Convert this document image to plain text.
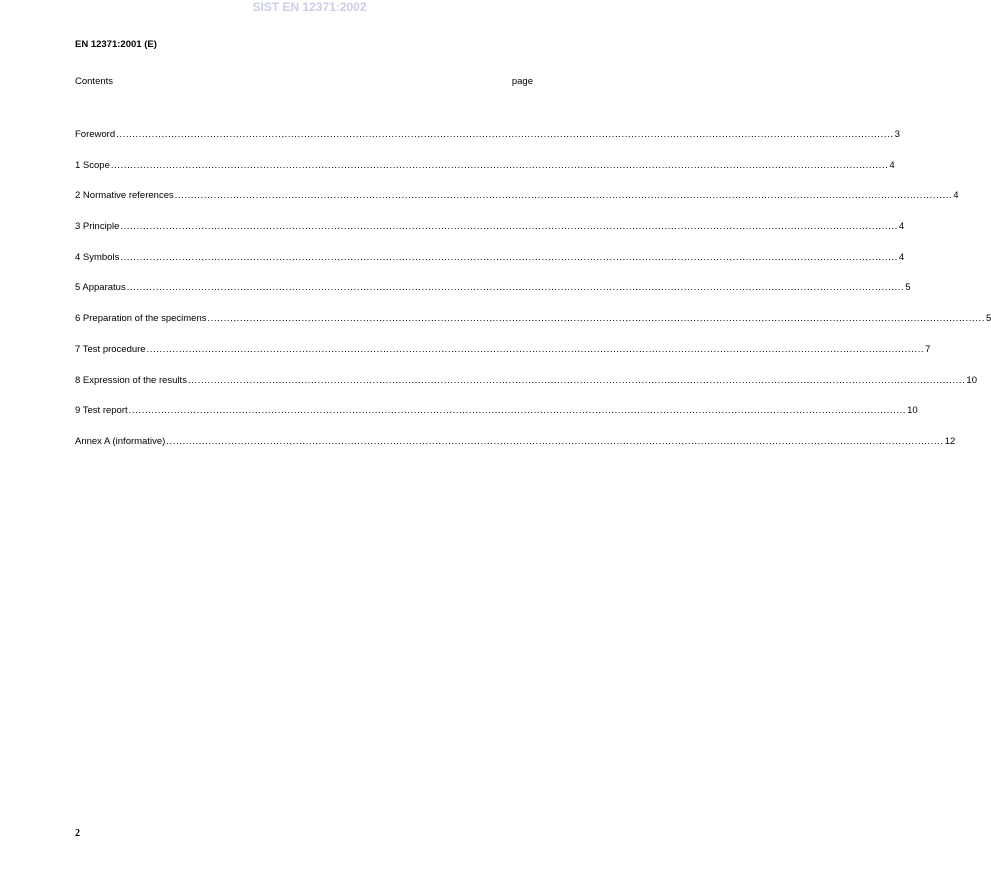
SIST EN 12371:2002
EN 12371:2001 (E)
Contents	page
Foreword ................................................................................................................................................................................................................................................ 3
1 Scope ................................................................................................................................................................................................................................................ 4
2 Normative references ................................................................................................................................................................................................................................................ 4
3 Principle ................................................................................................................................................................................................................................................ 4
4 Symbols ................................................................................................................................................................................................................................................ 4
5 Apparatus ................................................................................................................................................................................................................................................ 5
6 Preparation of the specimens ................................................................................................................................................................................................................................................ 5
7 Test procedure ................................................................................................................................................................................................................................................ 7
8 Expression of the results ................................................................................................................................................................................................................................................ 10
9 Test report ................................................................................................................................................................................................................................................ 10
Annex A (informative) ................................................................................................................................................................................................................................................ 12
2
